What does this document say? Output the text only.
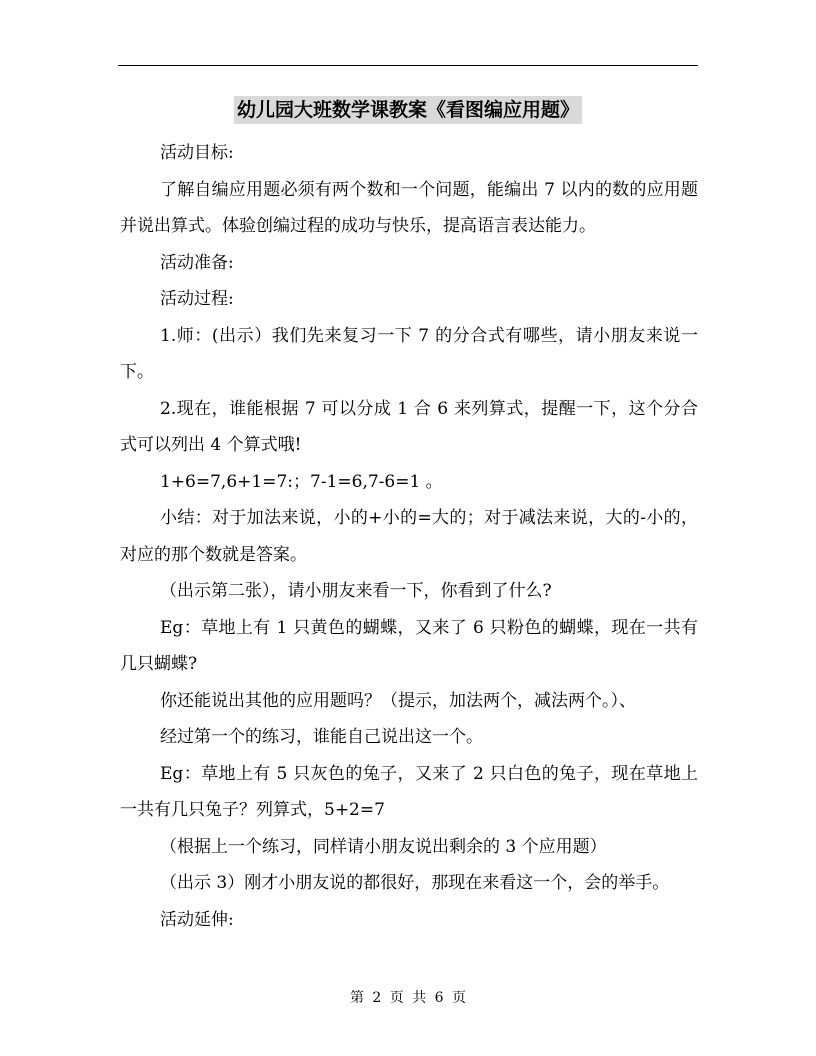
幼儿园大班数学课教案《看图编应用题》

活动目标:

了解自编应用题必须有两个数和一个问题，能编出 7 以内的数的应用题并说出算式。体验创编过程的成功与快乐，提高语言表达能力。

活动准备:

活动过程:

1.师：(出示）我们先来复习一下 7 的分合式有哪些，请小朋友来说一下。

2.现在，谁能根据 7 可以分成 1 合 6 来列算式，提醒一下，这个分合式可以列出 4 个算式哦!

1+6=7,6+1=7:；7-1=6,7-6=1 。

小结：对于加法来说，小的+小的=大的；对于减法来说，大的-小的，对应的那个数就是答案。

（出示第二张），请小朋友来看一下，你看到了什么?

Eg：草地上有 1 只黄色的蝴蝶，又来了 6 只粉色的蝴蝶，现在一共有几只蝴蝶?

你还能说出其他的应用题吗？（提示，加法两个，减法两个。）、

经过第一个的练习，谁能自己说出这一个。

Eg：草地上有 5 只灰色的兔子，又来了 2 只白色的兔子，现在草地上一共有几只兔子？列算式，5+2=7

（根据上一个练习，同样请小朋友说出剩余的 3 个应用题）

（出示 3）刚才小朋友说的都很好，那现在来看这一个，会的举手。

活动延伸:

第 2 页 共 6 页
